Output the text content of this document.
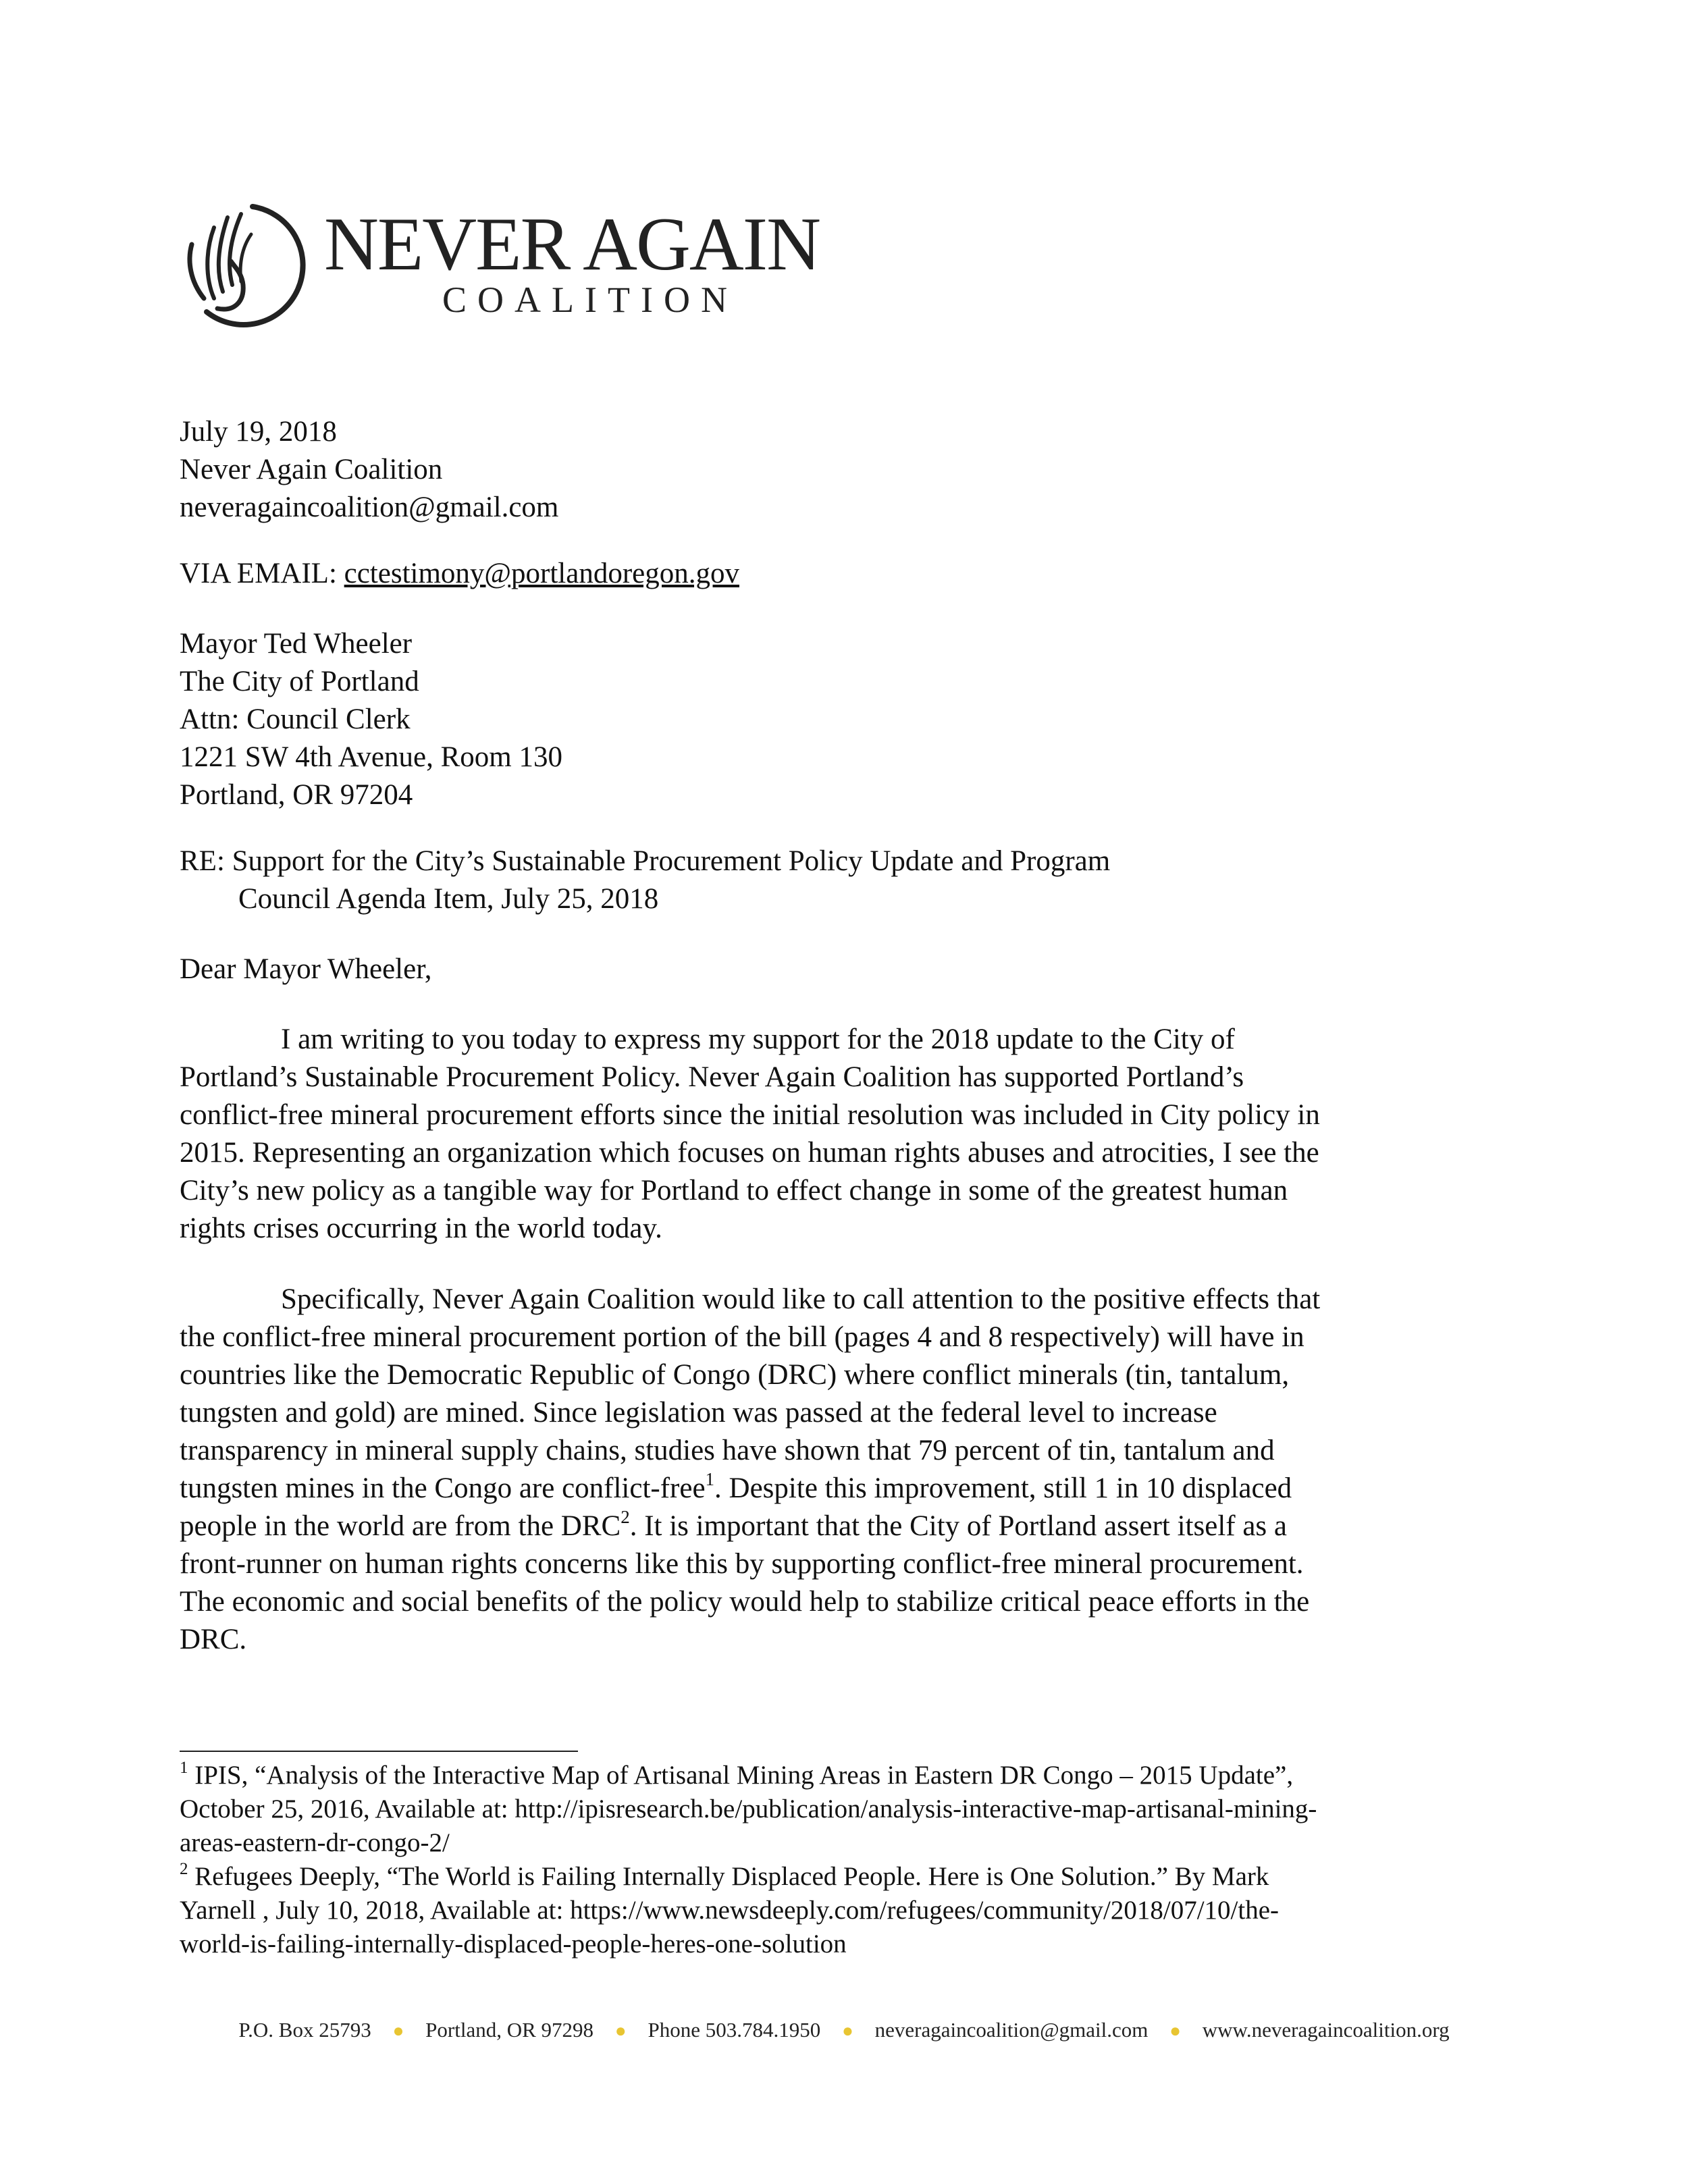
NEVER AGAIN
COALITION
July 19, 2018
Never Again Coalition
neveragaincoalition@gmail.com
VIA EMAIL: cctestimony@portlandoregon.gov
Mayor Ted Wheeler
The City of Portland
Attn: Council Clerk
1221 SW 4th Avenue, Room 130
Portland, OR 97204
RE: Support for the City’s Sustainable Procurement Policy Update and Program
Council Agenda Item, July 25, 2018
Dear Mayor Wheeler,
I am writing to you today to express my support for the 2018 update to the City of
Portland’s Sustainable Procurement Policy. Never Again Coalition has supported Portland’s
conflict-free mineral procurement efforts since the initial resolution was included in City policy in
2015. Representing an organization which focuses on human rights abuses and atrocities, I see the
City’s new policy as a tangible way for Portland to effect change in some of the greatest human
rights crises occurring in the world today.
Specifically, Never Again Coalition would like to call attention to the positive effects that
the conflict-free mineral procurement portion of the bill (pages 4 and 8 respectively) will have in
countries like the Democratic Republic of Congo (DRC) where conflict minerals (tin, tantalum,
tungsten and gold) are mined. Since legislation was passed at the federal level to increase
transparency in mineral supply chains, studies have shown that 79 percent of tin, tantalum and
tungsten mines in the Congo are conflict-free$^1$. Despite this improvement, still 1 in 10 displaced
people in the world are from the DRC$^2$. It is important that the City of Portland assert itself as a
front-runner on human rights concerns like this by supporting conflict-free mineral procurement.
The economic and social benefits of the policy would help to stabilize critical peace efforts in the
DRC.
$^1$ IPIS, “Analysis of the Interactive Map of Artisanal Mining Areas in Eastern DR Congo – 2015 Update”,
October 25, 2016, Available at: http://ipisresearch.be/publication/analysis-interactive-map-artisanal-mining-
areas-eastern-dr-congo-2/
$^2$ Refugees Deeply, “The World is Failing Internally Displaced People. Here is One Solution.” By Mark
Yarnell , July 10, 2018, Available at: https://www.newsdeeply.com/refugees/community/2018/07/10/the-
world-is-failing-internally-displaced-people-heres-one-solution
P.O. Box 25793 ● Portland, OR 97298 ● Phone 503.784.1950 ● neveragaincoalition@gmail.com ● www.neveragaincoalition.org
